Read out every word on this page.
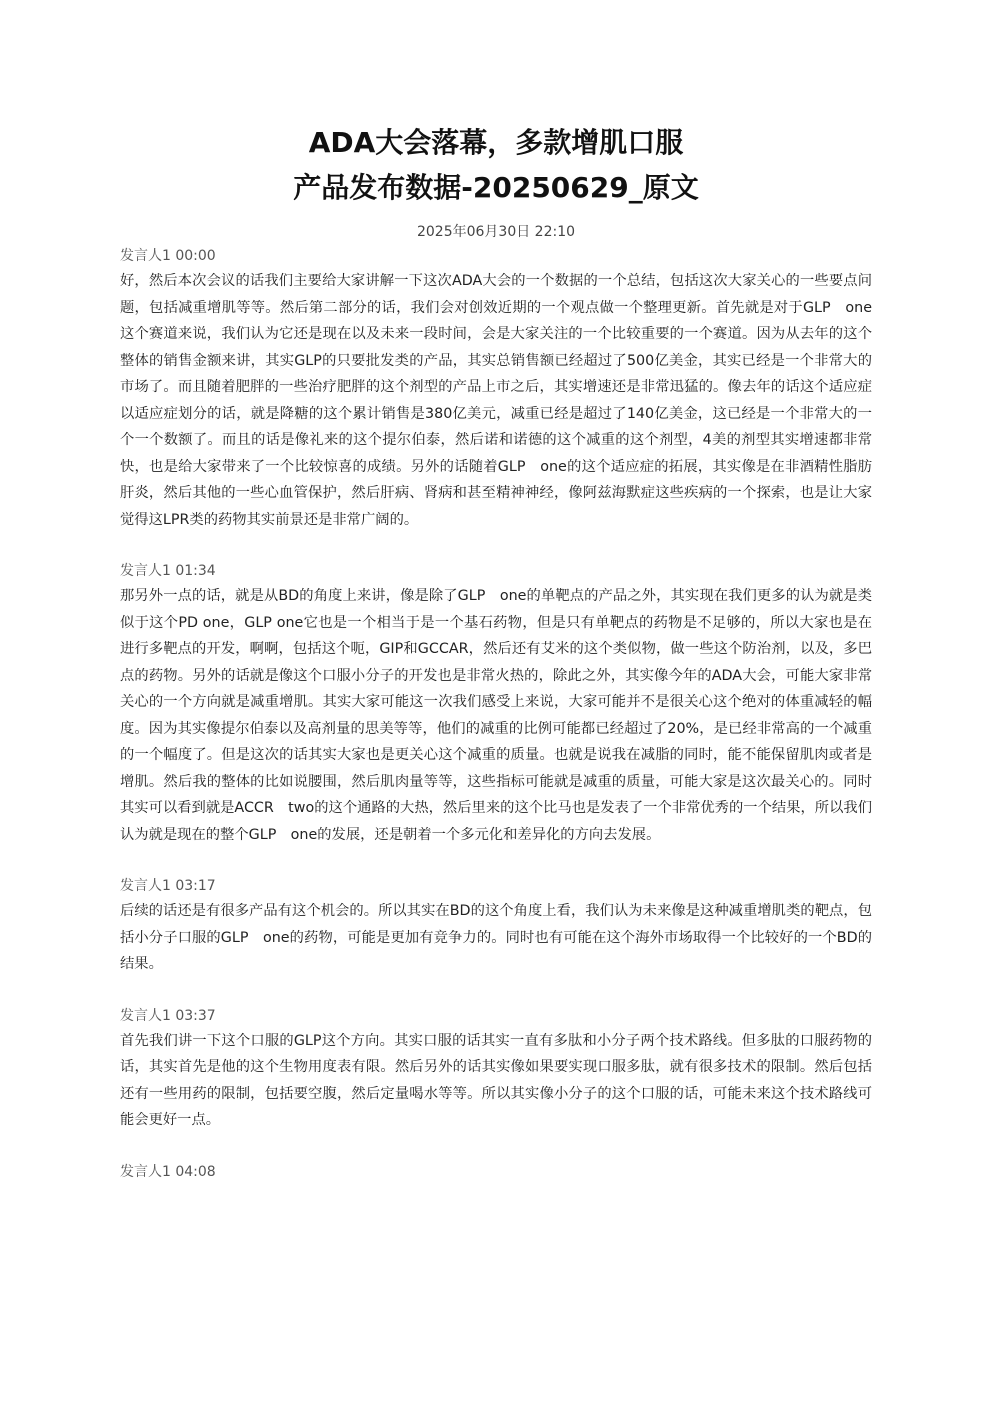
ADA大会落幕，多款增肌口服
产品发布数据-20250629_原文
2025年06月30日 22:10
发言人1 00:00

好，然后本次会议的话我们主要给大家讲解一下这次ADA大会的一个数据的一个总结，包括这次大家关心的一些要点问题，包括减重增肌等等。然后第二部分的话，我们会对创效近期的一个观点做一个整理更新。首先就是对于GLP　one这个赛道来说，我们认为它还是现在以及未来一段时间，会是大家关注的一个比较重要的一个赛道。因为从去年的这个整体的销售金额来讲，其实GLP的只要批发类的产品，其实总销售额已经超过了500亿美金，其实已经是一个非常大的市场了。而且随着肥胖的一些治疗肥胖的这个剂型的产品上市之后，其实增速还是非常迅猛的。像去年的话这个适应症以适应症划分的话，就是降糖的这个累计销售是380亿美元，减重已经是超过了140亿美金，这已经是一个非常大的一个一个数额了。而且的话是像礼来的这个提尔伯泰，然后诺和诺德的这个减重的这个剂型，4美的剂型其实增速都非常快，也是给大家带来了一个比较惊喜的成绩。另外的话随着GLP　one的这个适应症的拓展，其实像是在非酒精性脂肪肝炎，然后其他的一些心血管保护，然后肝病、肾病和甚至精神神经，像阿兹海默症这些疾病的一个探索，也是让大家觉得这LPR类的药物其实前景还是非常广阔的。

发言人1 01:34

那另外一点的话，就是从BD的角度上来讲，像是除了GLP　one的单靶点的产品之外，其实现在我们更多的认为就是类似于这个PD one，GLP one它也是一个相当于是一个基石药物，但是只有单靶点的药物是不足够的，所以大家也是在进行多靶点的开发，啊啊，包括这个呃，GIP和GCCAR，然后还有艾米的这个类似物，做一些这个防治剂，以及，多巴点的药物。另外的话就是像这个口服小分子的开发也是非常火热的，除此之外，其实像今年的ADA大会，可能大家非常关心的一个方向就是减重增肌。其实大家可能这一次我们感受上来说，大家可能并不是很关心这个绝对的体重减轻的幅度。因为其实像提尔伯泰以及高剂量的思美等等，他们的减重的比例可能都已经超过了20%，是已经非常高的一个减重的一个幅度了。但是这次的话其实大家也是更关心这个减重的质量。也就是说我在减脂的同时，能不能保留肌肉或者是增肌。然后我的整体的比如说腰围，然后肌肉量等等，这些指标可能就是减重的质量，可能大家是这次最关心的。同时其实可以看到就是ACCR　two的这个通路的大热，然后里来的这个比马也是发表了一个非常优秀的一个结果，所以我们认为就是现在的整个GLP　one的发展，还是朝着一个多元化和差异化的方向去发展。

发言人1 03:17

后续的话还是有很多产品有这个机会的。所以其实在BD的这个角度上看，我们认为未来像是这种减重增肌类的靶点，包括小分子口服的GLP　one的药物，可能是更加有竞争力的。同时也有可能在这个海外市场取得一个比较好的一个BD的结果。

发言人1 03:37

首先我们讲一下这个口服的GLP这个方向。其实口服的话其实一直有多肽和小分子两个技术路线。但多肽的口服药物的话，其实首先是他的这个生物用度表有限。然后另外的话其实像如果要实现口服多肽，就有很多技术的限制。然后包括还有一些用药的限制，包括要空腹，然后定量喝水等等。所以其实像小分子的这个口服的话，可能未来这个技术路线可能会更好一点。

发言人1 04:08
